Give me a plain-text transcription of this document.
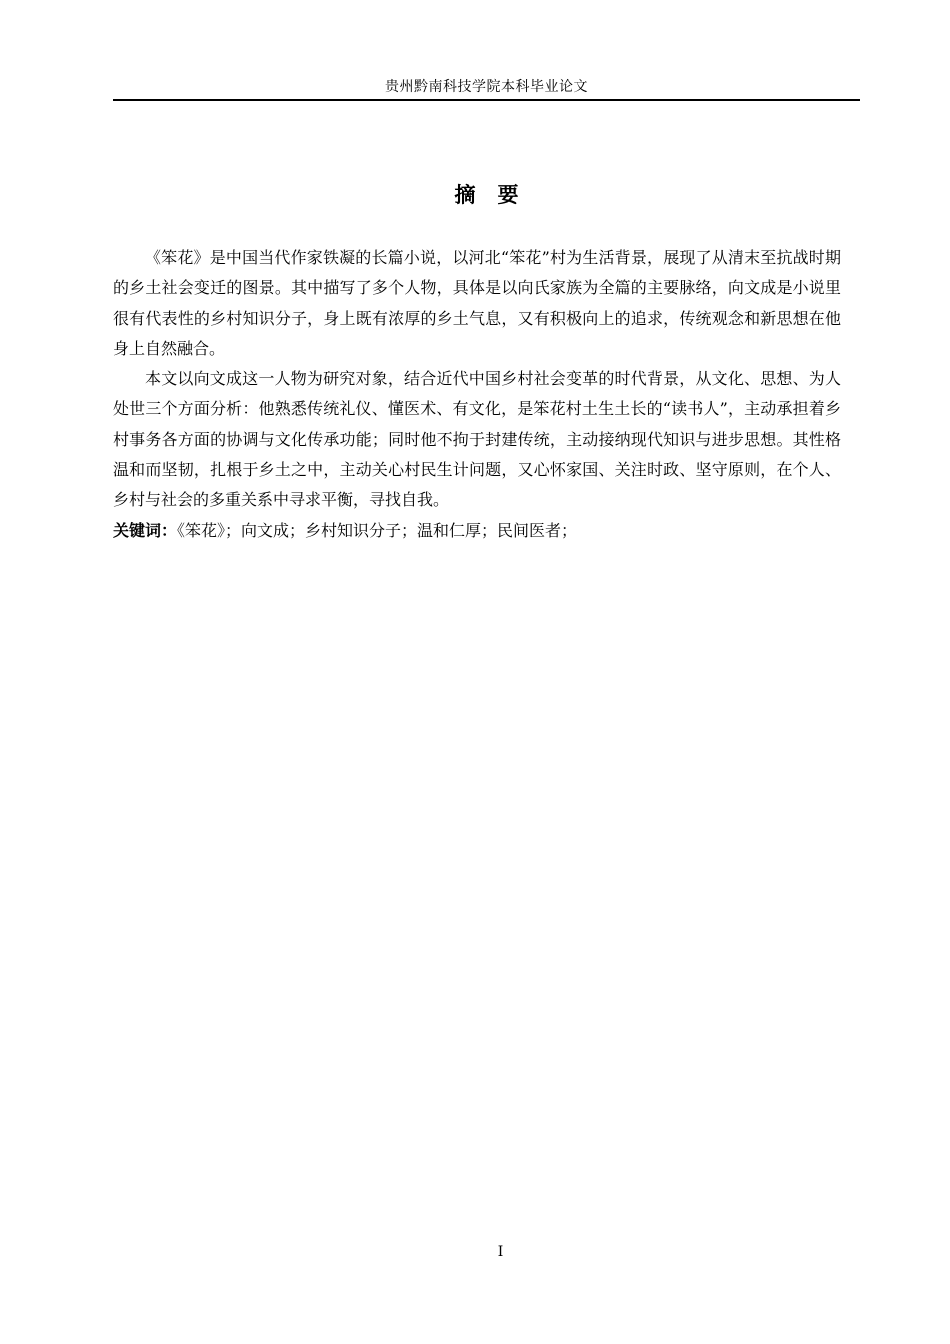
贵州黔南科技学院本科毕业论文
摘要

《笨花》是中国当代作家铁凝的长篇小说，以河北“笨花”村为生活背景，展现了从清末至抗战时期的乡土社会变迁的图景。其中描写了多个人物，具体是以向氏家族为全篇的主要脉络，向文成是小说里很有代表性的乡村知识分子，身上既有浓厚的乡土气息，又有积极向上的追求，传统观念和新思想在他身上自然融合。

本文以向文成这一人物为研究对象，结合近代中国乡村社会变革的时代背景，从文化、思想、为人处世三个方面分析：他熟悉传统礼仪、懂医术、有文化，是笨花村土生土长的“读书人”，主动承担着乡村事务各方面的协调与文化传承功能；同时他不拘于封建传统，主动接纳现代知识与进步思想。其性格温和而坚韧，扎根于乡土之中，主动关心村民生计问题，又心怀家国、关注时政、坚守原则，在个人、乡村与社会的多重关系中寻求平衡，寻找自我。

关键词：《笨花》；向文成；乡村知识分子；温和仁厚；民间医者；

I
